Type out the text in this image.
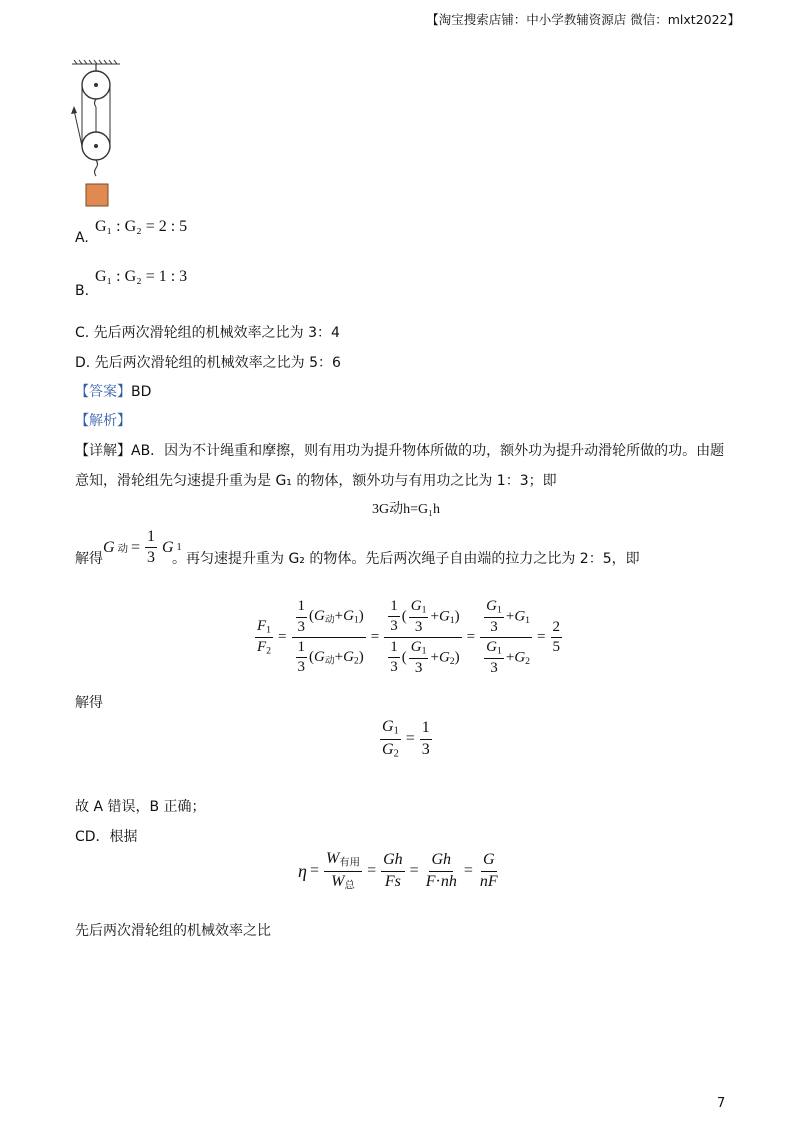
【淘宝搜索店铺：中小学教辅资源店 微信：mlxt2022】
A.
G₁ : G₂ = 2 : 5
B.
G₁ : G₂ = 1 : 3
C. 先后两次滑轮组的机械效率之比为 3：4
D. 先后两次滑轮组的机械效率之比为 5：6
【答案】BD
【解析】
【详解】AB．因为不计绳重和摩擦，则有用功为提升物体所做的功，额外功为提升动滑轮所做的功。由题
意知，滑轮组先匀速提升重为是 G₁ 的物体，额外功与有用功之比为 1：3；即
3G动h=G₁h
解得
G 动 = $\frac{1}{3}$ G 1
。再匀速提升重为 G₂ 的物体。先后两次绳子自由端的拉力之比为 2：5，即
$\frac{F_1}{F_2} = \frac{\frac{1}{3} (G_动+G_1)}{\frac{1}{3} (G_动+G_2)} = \frac{\frac{1}{3} ( \frac{G_1}{3} +G_1)}{\frac{1}{3} ( \frac{G_1}{3} +G_2)} = \frac{\frac{G_1}{3} +G_1}{\frac{G_1}{3} +G_2} = \frac{2}{5}$
解得
$\frac{G_1}{G_2} = \frac{1}{3}$
故 A 错误，B 正确；
CD．根据
$\eta = \frac{W_{有用}}{W_总} = \frac{Gh}{Fs} = \frac{Gh}{F\cdot nh} = \frac{G}{nF}$
先后两次滑轮组的机械效率之比
7
